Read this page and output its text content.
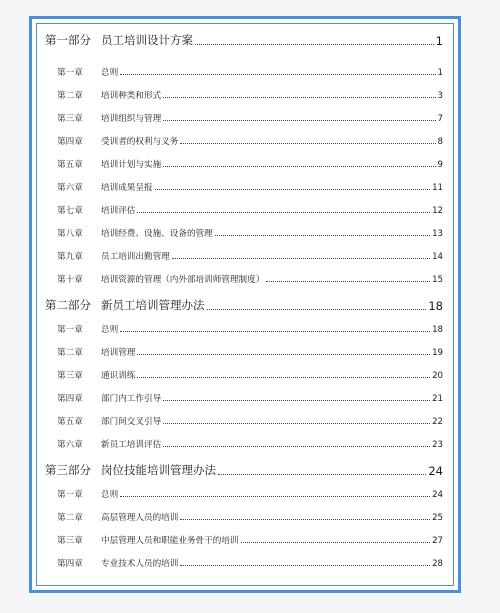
第一部分 员工培训设计方案	1
第一章	总则	1
第二章	培训种类和形式	3
第三章	培训组织与管理	7
第四章	受训者的权利与义务	8
第五章	培训计划与实施	9
第六章	培训成果呈报	11
第七章	培训评估	12
第八章	培训经费、设施、设备的管理	13
第九章	员工培训出勤管理	14
第十章	培训资源的管理（内外部培训师管理制度）	15
第二部分 新员工培训管理办法	18
第一章	总则	18
第二章	培训管理	19
第三章	通识训练	20
第四章	部门内工作引导	21
第五章	部门间交叉引导	22
第六章	新员工培训评估	23
第三部分 岗位技能培训管理办法	24
第一章	总则	24
第二章	高层管理人员的培训	25
第三章	中层管理人员和职能业务骨干的培训	27
第四章	专业技术人员的培训	28
